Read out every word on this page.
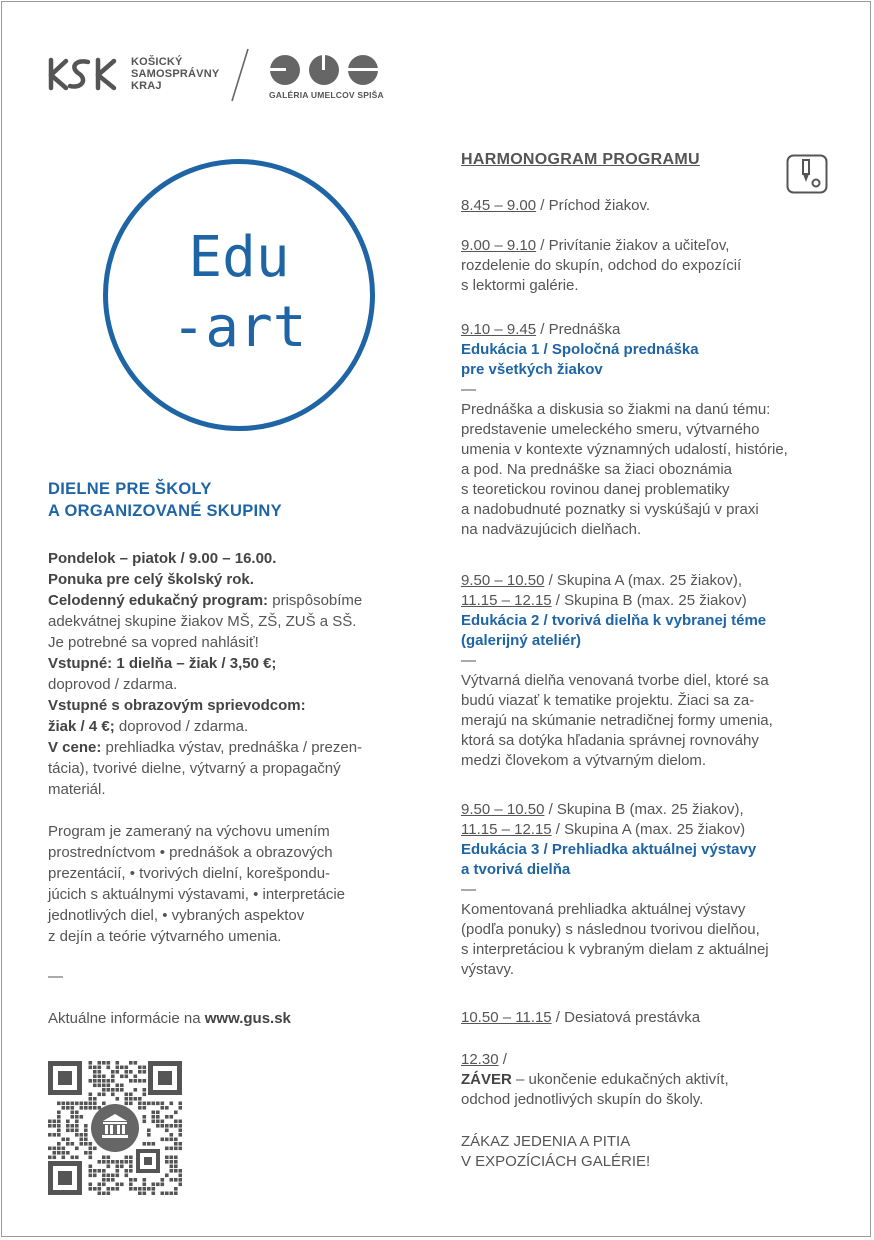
KOŠICKÝ
SAMOSPRÁVNY
KRAJ
GALÉRIA UMELCOV SPIŠA
Edu
-art
DIELNE PRE ŠKOLY
A ORGANIZOVANÉ SKUPINY

Pondelok – piatok / 9.00 – 16.00.

Ponuka pre celý školský rok.

Celodenný edukačný program: prispôsobíme

adekvátnej skupine žiakov MŠ, ZŠ, ZUŠ a SŠ.

Je potrebné sa vopred nahlásiť!

Vstupné: 1 dielňa – žiak / 3,50 €;

doprovod / zdarma.

Vstupné s obrazovým sprievodcom:

žiak / 4 €; doprovod / zdarma.

V cene: prehliadka výstav, prednáška / prezen-

tácia), tvorivé dielne, výtvarný a propagačný

materiál.

Program je zameraný na výchovu umením

prostredníctvom • prednášok a obrazových

prezentácií, • tvorivých dielní, korešpondu-

júcich s aktuálnymi výstavami, • interpretácie

jednotlivých diel, • vybraných aspektov

z dejín a teórie výtvarného umenia.

—
Aktuálne informácie na www.gus.sk
HARMONOGRAM PROGRAMU

8.45 – 9.00 / Príchod žiakov.

9.00 – 9.10 / Privítanie žiakov a učiteľov,

rozdelenie do skupín, odchod do expozícií

s lektormi galérie.

9.10 – 9.45 / Prednáška

Edukácia 1 / Spoločná prednáška

pre všetkých žiakov

—

Prednáška a diskusia so žiakmi na danú tému:

predstavenie umeleckého smeru, výtvarného

umenia v kontexte významných udalostí, histórie,

a pod. Na prednáške sa žiaci oboznámia

s teoretickou rovinou danej problematiky

a nadobudnuté poznatky si vyskúšajú v praxi

na nadväzujúcich dielňach.

9.50 – 10.50 / Skupina A (max. 25 žiakov),

11.15 – 12.15 / Skupina B (max. 25 žiakov)

Edukácia 2 / tvorivá dielňa k vybranej téme

(galerijný ateliér)

—

Výtvarná dielňa venovaná tvorbe diel, ktoré sa

budú viazať k tematike projektu. Žiaci sa za-

merajú na skúmanie netradičnej formy umenia,

ktorá sa dotýka hľadania správnej rovnováhy

medzi človekom a výtvarným dielom.

9.50 – 10.50 / Skupina B (max. 25 žiakov),

11.15 – 12.15 / Skupina A (max. 25 žiakov)

Edukácia 3 / Prehliadka aktuálnej výstavy

a tvorivá dielňa

—

Komentovaná prehliadka aktuálnej výstavy

(podľa ponuky) s následnou tvorivou dielňou,

s interpretáciou k vybraným dielam z aktuálnej

výstavy.

10.50 – 11.15 / Desiatová prestávka

12.30 /

ZÁVER – ukončenie edukačných aktivít,

odchod jednotlivých skupín do školy.

ZÁKAZ JEDENIA A PITIA

V EXPOZÍCIÁCH GALÉRIE!
